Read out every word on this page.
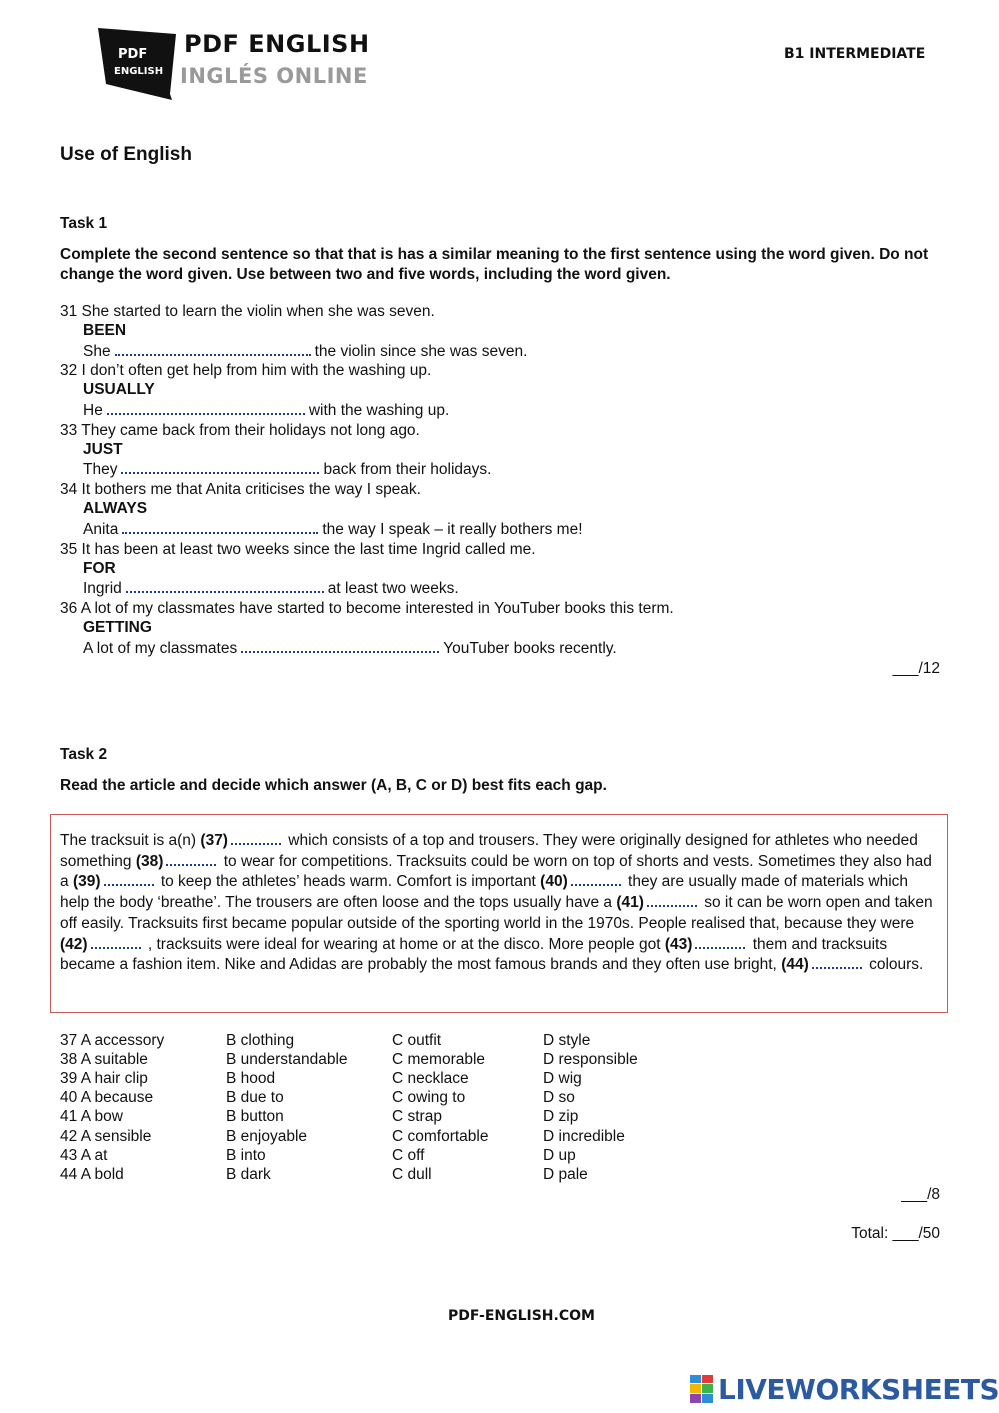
PDF
ENGLISH
PDF ENGLISH
INGLÉS ONLINE
B1 INTERMEDIATE
Use of English
Task 1
Complete the second sentence so that that is has a similar meaning to the first sentence using the word given. Do not change the word given. Use between two and five words, including the word given.
31 She started to learn the violin when she was seven.
BEEN
She	the violin since she was seven.
32 I don’t often get help from him with the washing up.
USUALLY
He	with the washing up.
33 They came back from their holidays not long ago.
JUST
They	back from their holidays.
34 It bothers me that Anita criticises the way I speak.
ALWAYS
Anita	the way I speak – it really bothers me!
35 It has been at least two weeks since the last time Ingrid called me.
FOR
Ingrid	at least two weeks.
36 A lot of my classmates have started to become interested in YouTuber books this term.
GETTING
A lot of my classmates	YouTuber books recently.
___/12
Task 2
Read the article and decide which answer (A, B, C or D) best fits each gap.
The tracksuit is a(n) (37)	which consists of a top and trousers. They were originally designed for athletes who needed something (38)	to wear for competitions. Tracksuits could be worn on top of shorts and vests. Sometimes they also had a (39)	to keep the athletes’ heads warm. Comfort is important (40)	they are usually made of materials which help the body ‘breathe’. The trousers are often loose and the tops usually have a (41)	so it can be worn open and taken off easily. Tracksuits first became popular outside of the sporting world in the 1970s. People realised that, because they were (42)	, tracksuits were ideal for wearing at home or at the disco. More people got (43)	them and tracksuits became a fashion item. Nike and Adidas are probably the most famous brands and they often use bright, (44)	colours.
37 A accessory	B clothing	C outfit	D style
38 A suitable	B understandable	C memorable	D responsible
39 A hair clip	B hood	C necklace	D wig
40 A because	B due to	C owing to	D so
41 A bow	B button	C strap	D zip
42 A sensible	B enjoyable	C comfortable	D incredible
43 A at	B into	C off	D up
44 A bold	B dark	C dull	D pale
___/8
Total: ___/50
PDF-ENGLISH.COM
LIVEWORKSHEETS
